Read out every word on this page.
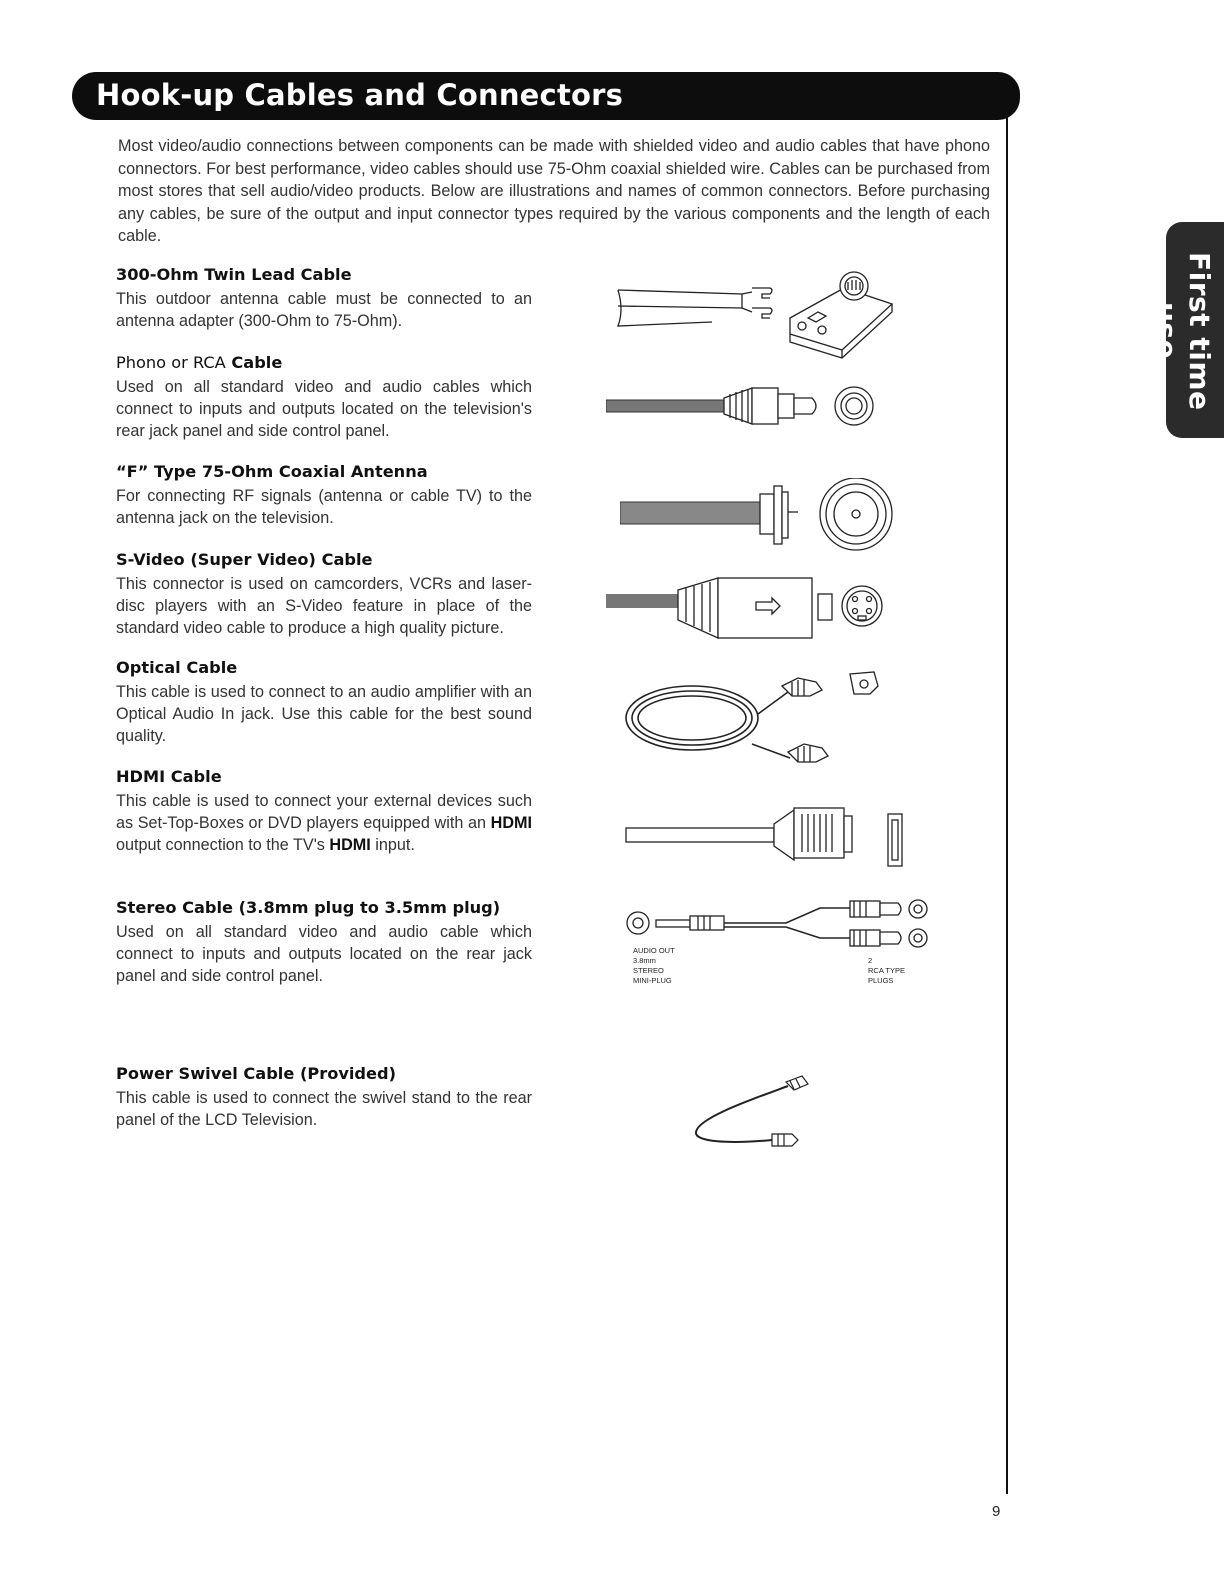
Hook-up Cables and Connectors
First time use

Most video/audio connections between components can be made with shielded video and audio cables that have phono connectors. For best performance, video cables should use 75-Ohm coaxial shielded wire. Cables can be purchased from most stores that sell audio/video products. Below are illustrations and names of common connectors. Before purchasing any cables, be sure of the output and input connector types required by the various components and the length of each cable.

300-Ohm Twin Lead Cable

This outdoor antenna cable must be connected to an antenna adapter (300-Ohm to 75-Ohm).

Phono or RCA Cable

Used on all standard video and audio cables which connect to inputs and outputs located on the television's rear jack panel and side control panel.

“F” Type 75-Ohm Coaxial Antenna

For connecting RF signals (antenna or cable TV) to the antenna jack on the television.

S-Video (Super Video) Cable

This connector is used on camcorders, VCRs and laser-disc players with an S-Video feature in place of the standard video cable to produce a high quality picture.

Optical Cable

This cable is used to connect to an audio amplifier with an Optical Audio In jack. Use this cable for the best sound quality.

HDMI Cable

This cable is used to connect your external devices such as Set-Top-Boxes or DVD players equipped with an HDMI output connection to the TV's HDMI input.

Stereo Cable (3.8mm plug to 3.5mm plug)

Used on all standard video and audio cable which connect to inputs and outputs located on the rear jack panel and side control panel.

Power Swivel Cable (Provided)

This cable is used to connect the swivel stand to the rear panel of the LCD Television.

AUDIO OUT
3.8mm
STEREO
MINI-PLUG
2
RCA TYPE
PLUGS
9
